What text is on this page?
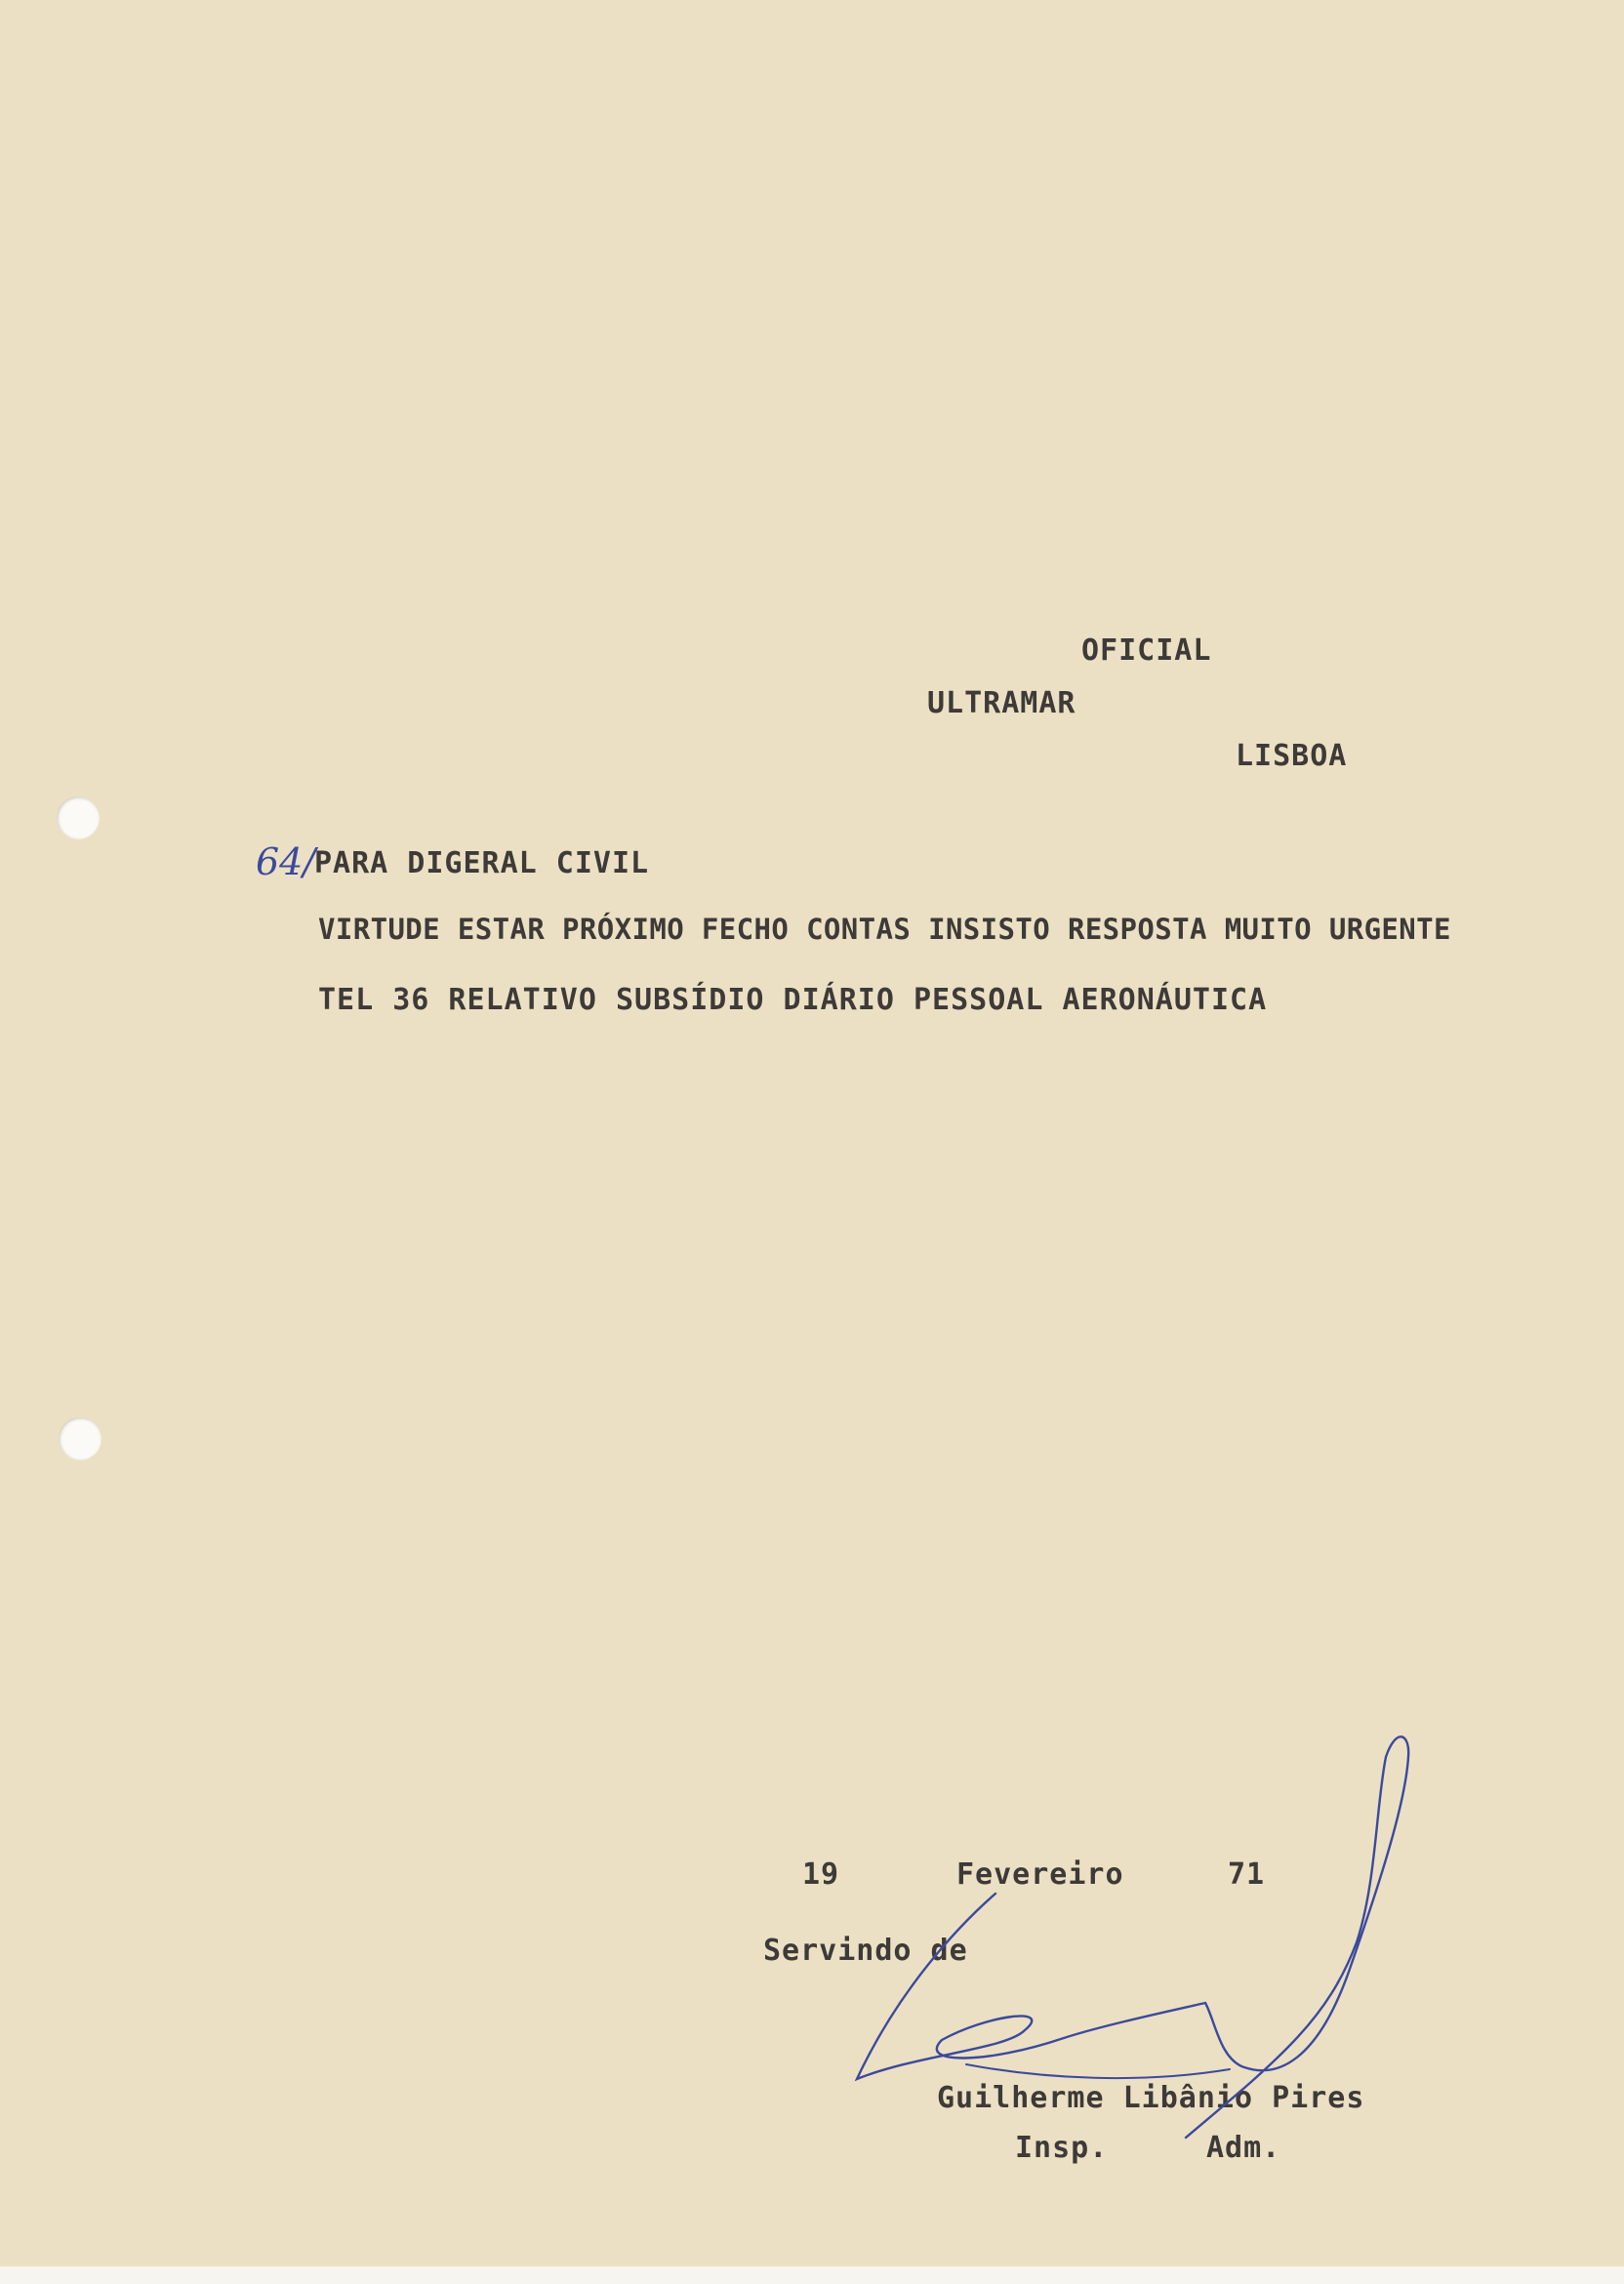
OFICIAL

ULTRAMAR

LISBOA

64/

PARA DIGERAL CIVIL

VIRTUDE ESTAR PRÓXIMO FECHO CONTAS INSISTO RESPOSTA MUITO URGENTE

TEL 36 RELATIVO SUBSÍDIO DIÁRIO PESSOAL AERONÁUTICA

19	Fevereiro	71

Servindo de

Guilherme Libânio Pires

Insp.	Adm.
